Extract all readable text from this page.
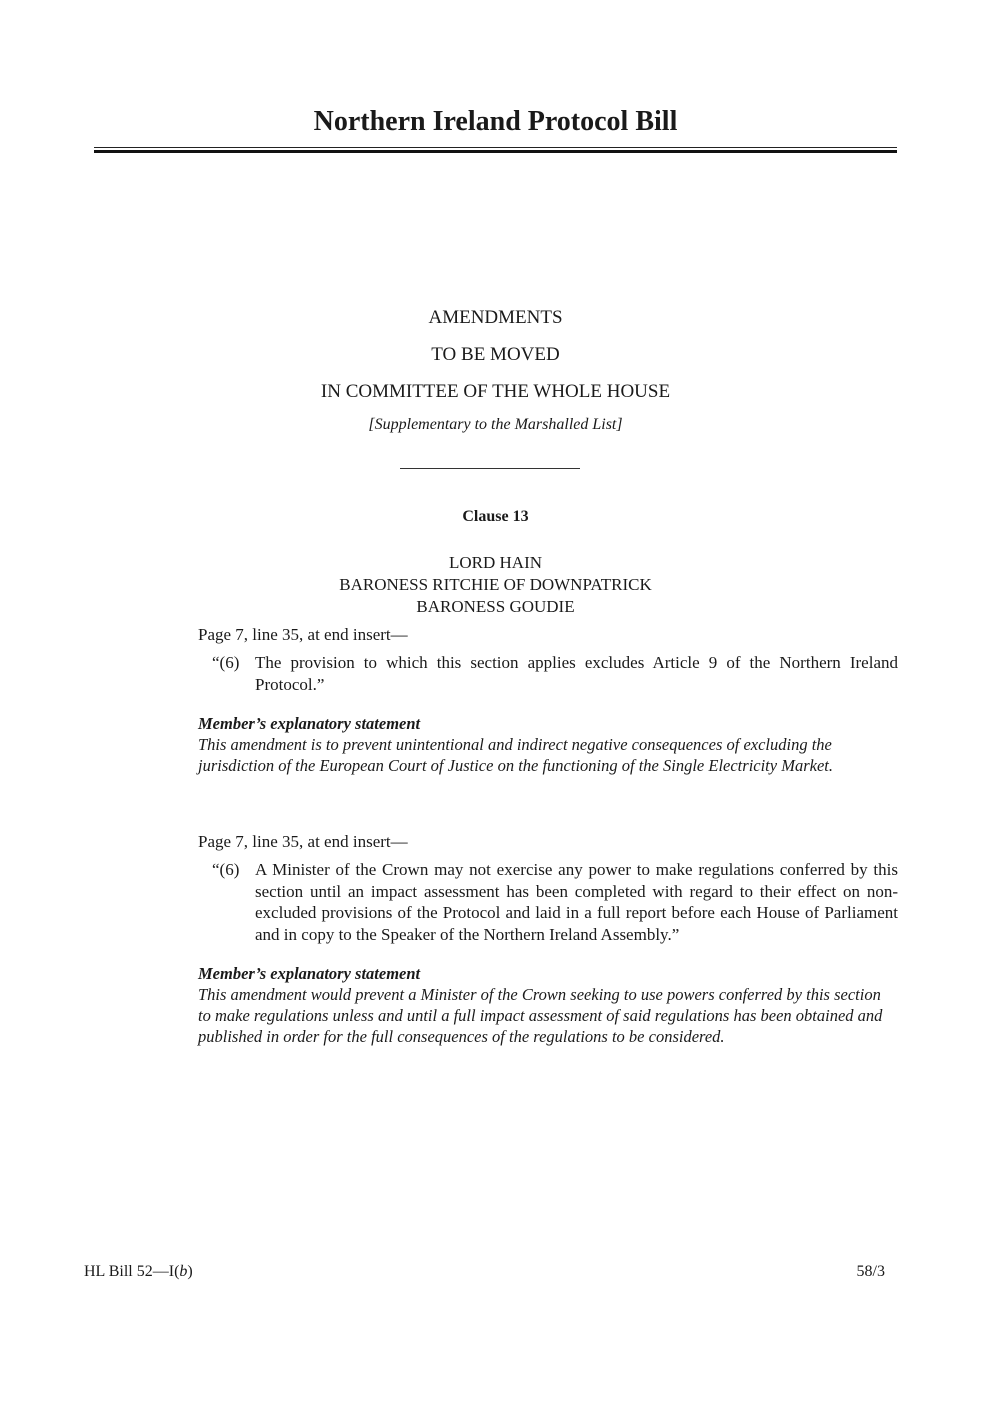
Northern Ireland Protocol Bill
AMENDMENTS
TO BE MOVED
IN COMMITTEE OF THE WHOLE HOUSE
[Supplementary to the Marshalled List]
Clause 13
LORD HAIN
BARONESS RITCHIE OF DOWNPATRICK
BARONESS GOUDIE
Page 7, line 35, at end insert—
“(6) The provision to which this section applies excludes Article 9 of the Northern Ireland Protocol.”
Member’s explanatory statement
This amendment is to prevent unintentional and indirect negative consequences of excluding the jurisdiction of the European Court of Justice on the functioning of the Single Electricity Market.
Page 7, line 35, at end insert—
“(6) A Minister of the Crown may not exercise any power to make regulations conferred by this section until an impact assessment has been completed with regard to their effect on non-excluded provisions of the Protocol and laid in a full report before each House of Parliament and in copy to the Speaker of the Northern Ireland Assembly.”
Member’s explanatory statement
This amendment would prevent a Minister of the Crown seeking to use powers conferred by this section to make regulations unless and until a full impact assessment of said regulations has been obtained and published in order for the full consequences of the regulations to be considered.
HL Bill 52—I(b)	58/3
